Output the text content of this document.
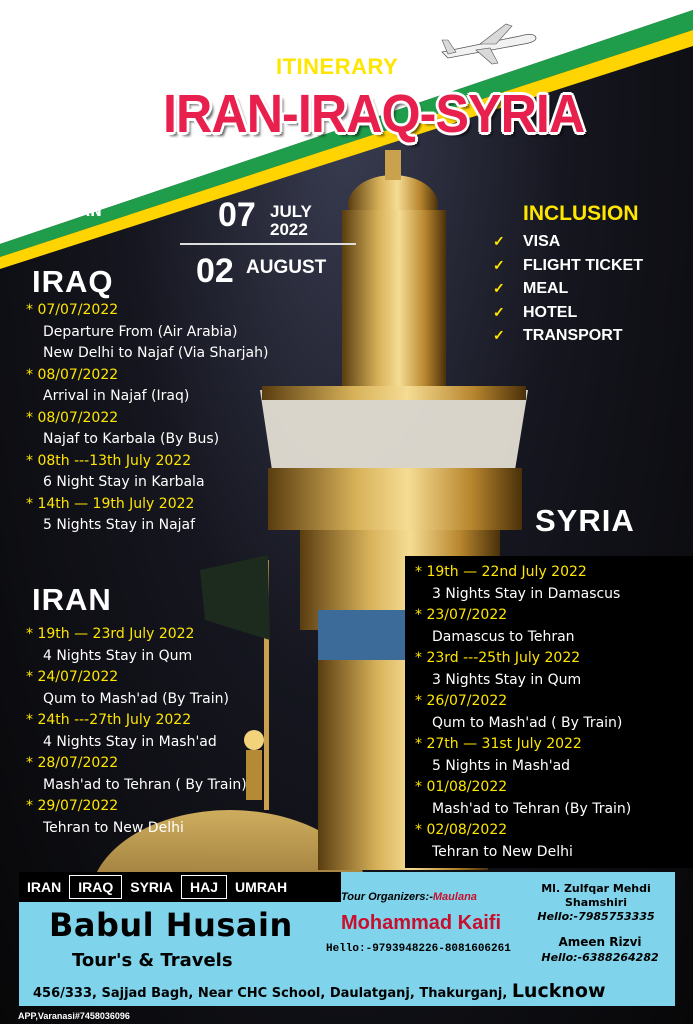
* NAJAF
* KARBALA
* BALAD
* HILLA
* SAMARRA
* DAMASCUS
* QUM
* MASH'HAD
* TEHRAN
بسمہ تعالی
ZIYARAT ITINERARY
IRAN-IRAQ-SYRIA
07 JULY
2022
02 AUGUST
INCLUSION
✓ VISA
✓ FLIGHT TICKET
✓ MEAL
✓ HOTEL
✓ TRANSPORT
IRAQ
* 07/07/2022
Departure From (Air Arabia)
New Delhi to Najaf (Via Sharjah)
* 08/07/2022
Arrival in Najaf (Iraq)
* 08/07/2022
Najaf to Karbala (By Bus)
* 08th ---13th July 2022
6 Night Stay in Karbala
* 14th — 19th July 2022
5 Nights Stay in Najaf
IRAN
* 19th — 23rd July 2022
4 Nights Stay in Qum
* 24/07/2022
Qum to Mash'ad (By Train)
* 24th ---27th July 2022
4 Nights Stay in Mash'ad
* 28/07/2022
Mash'ad to Tehran ( By Train)
* 29/07/2022
Tehran to New Delhi
SYRIA
* 19th — 22nd July 2022
3 Nights Stay in Damascus
* 23/07/2022
Damascus to Tehran
* 23rd ---25th July 2022
3 Nights Stay in Qum
* 26/07/2022
Qum to Mash'ad ( By Train)
* 27th — 31st July 2022
5 Nights in Mash'ad
* 01/08/2022
Mash'ad to Tehran (By Train)
* 02/08/2022
Tehran to New Delhi
IRAN	IRAQ	SYRIA	HAJ	UMRAH
Babul Husain
Tour's & Travels
Tour Organizers:-Maulana
Mohammad Kaifi
Hello:-9793948226-8081606261
Ml. Zulfqar Mehdi Shamshiri
Hello:-7985753335
Ameen Rizvi
Hello:-6388264282
456/333, Sajjad Bagh, Near CHC School, Daulatganj, Thakurganj, Lucknow
APP,Varanasi#7458036096
